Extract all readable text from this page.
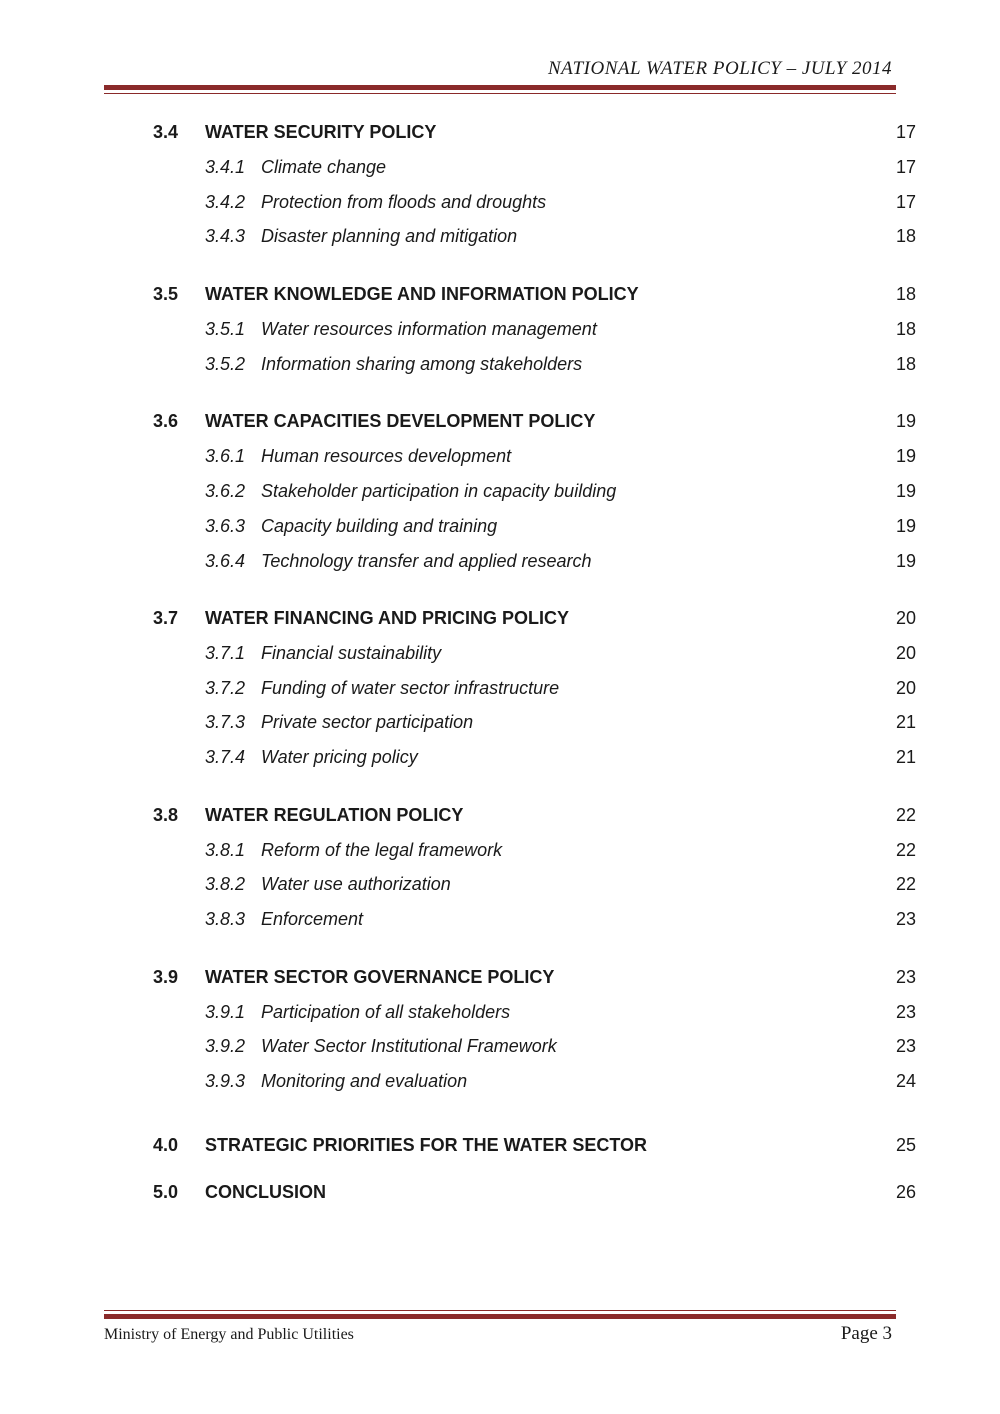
NATIONAL WATER POLICY – JULY 2014
3.4 WATER SECURITY POLICY	17
3.4.1 Climate change	17
3.4.2 Protection from floods and droughts	17
3.4.3 Disaster planning and mitigation	18
3.5 WATER KNOWLEDGE AND INFORMATION POLICY	18
3.5.1 Water resources information management	18
3.5.2 Information sharing among stakeholders	18
3.6 WATER CAPACITIES DEVELOPMENT POLICY	19
3.6.1 Human resources development	19
3.6.2 Stakeholder participation in capacity building	19
3.6.3 Capacity building and training	19
3.6.4 Technology transfer and applied research	19
3.7 WATER FINANCING AND PRICING POLICY	20
3.7.1 Financial sustainability	20
3.7.2 Funding of water sector infrastructure	20
3.7.3 Private sector participation	21
3.7.4 Water pricing policy	21
3.8 WATER REGULATION POLICY	22
3.8.1 Reform of the legal framework	22
3.8.2 Water use authorization	22
3.8.3 Enforcement	23
3.9 WATER SECTOR GOVERNANCE POLICY	23
3.9.1 Participation of all stakeholders	23
3.9.2 Water Sector Institutional Framework	23
3.9.3 Monitoring and evaluation	24
4.0 STRATEGIC PRIORITIES FOR THE WATER SECTOR	25
5.0 CONCLUSION	26
Ministry of Energy and Public Utilities	Page 3
